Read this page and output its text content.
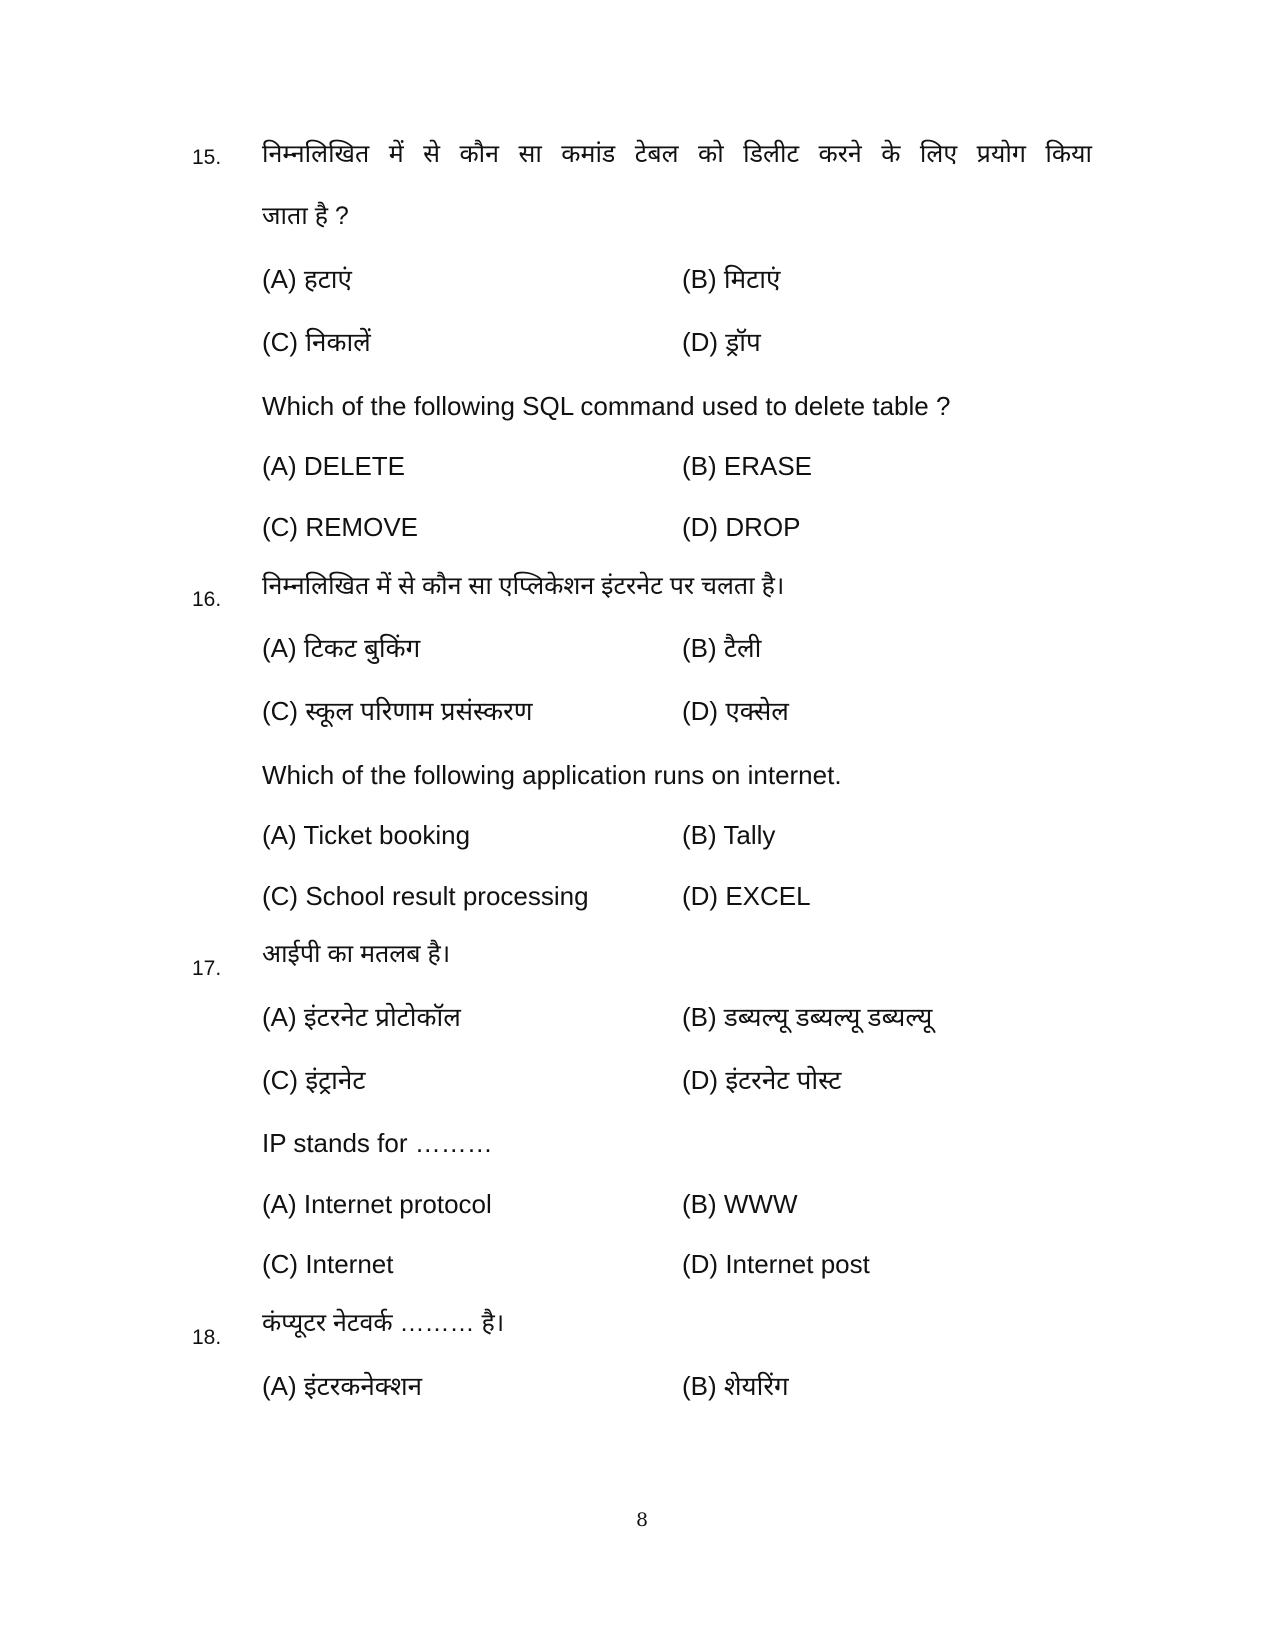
15. निम्नलिखित में से कौन सा कमांड टेबल को डिलीट करने के लिए प्रयोग किया
जाता है ?
(A) हटाएं	(B) मिटाएं
(C) निकालें	(D) ड्रॉप
Which of the following SQL command used to delete table ?
(A) DELETE	(B) ERASE
(C) REMOVE	(D) DROP
16. निम्नलिखित में से कौन सा एप्लिकेशन इंटरनेट पर चलता है।
(A) टिकट बुकिंग	(B) टैली
(C) स्कूल परिणाम प्रसंस्करण	(D) एक्सेल
Which of the following application runs on internet.
(A) Ticket booking	(B) Tally
(C) School result processing	(D) EXCEL
17.
आईपी का मतलब है।
(A) इंटरनेट प्रोटोकॉल	(B) डब्यल्यू डब्यल्यू डब्यल्यू
(C) इंट्रानेट	(D) इंटरनेट पोस्ट
IP stands for ………
(A) Internet protocol	(B) WWW
(C) Internet	(D) Internet post
18.
कंप्यूटर नेटवर्क ……… है।
(A) इंटरकनेक्शन	(B) शेयरिंग
8
